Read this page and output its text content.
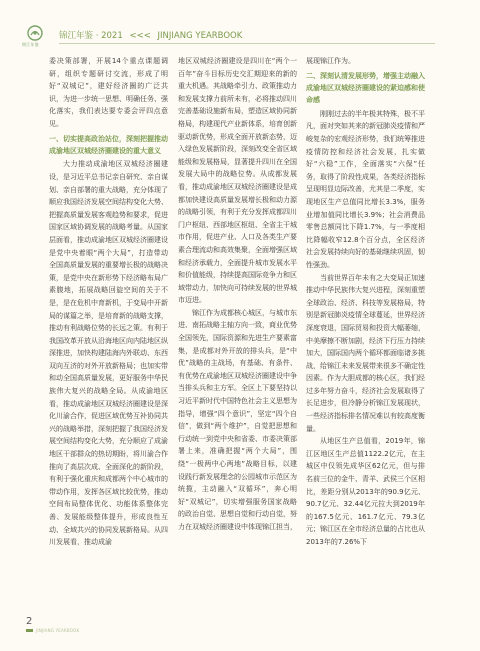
锦江年鉴
锦江年鉴 · 2021 <<< JINJIANG YEARBOOK

委决策部署，开展14个重点课题调研，组织专题研讨交流，形成了明好“双城记”，建好经济圈的广泛共识，为进一步统一思想、明确任务、强化落实，我们表达要专委会评四点意见。

一、切实提高政治站位，深刻把握推动成渝地区双城经济圈建设的重大意义

大力推动成渝地区双城经济圈建设，是习近平总书记亲自研究、亲自谋划、亲自部署的重大战略，充分体现了顺应我国经济发展空间结构变化大势、把握高质量发展客观趋势和要求，促进国家区域协调发展的战略考量。从国家层面看，推动成渝地区双城经济圈建设是党中央着眼“两个大局”，打造带动全国高质量发展的重要增长极的战略决策，是党中央在新形势下经济略布局广素腹地，拓展战略回旋空间的关于不是，是在危机中育新机，于变局中开新局的谋篇之举，是培育新的战略支撑，推动有利战略位势的长远之策。有利于我国改革开放从沿海地区向内陆地区纵深推进，加快构建陆海内外联动、东西双向互济的对外开放新格局；也加实带和动全国高质量发展，更好服务中华民族伟大复兴的战略全局。从成渝地区看，推动成渝地区双城经济圈建设是深化川渝合作，促进区域优势互补协同共兴的战略举措，深刻把握了我国经济发展空间结构变化大势，充分顺应了成渝地区干部群众的热切期盼，将川渝合作推向了高层次成、全面深化的新阶段，有利于强化重庆和成都两个中心城市的带动作用，发挥各区域比较优势，推动空间布局整体优化、功能体系整体完善、发展能级整体提升，形成良性互动、全域共兴的协同发展新格局。从四川发展看，推动成渝

地区双城经济圈建设是四川在“两个一百年”奋斗目标历史交汇期迎来的新的重大机遇。其战略牵引力、政策推动力和发展支撑力前所未有，必将推动四川完善基础设施新布局，塑造区域协同新格局，构建现代产业新体系，培育创新驱动新优势，形成全面开放新态势，迈入绿色发展新阶段，深刻改变全省区域能级和发展格局，显著提升四川在全国发展大局中的战略位势。从成都发展看，推动成渝地区双城经济圈建设是成都加快建设高质量发展增长极和动力源的战略引领，有利于充分发挥成都四川门户枢纽、西部地区枢纽、全省主干城市作用，促进产业、人口及各类生产要素合理流动和高效集聚，全面增强区域和经济承载力，全面提升城市发展水平和价值能级，持续提高国际竞争力和区域带动力，加快向可持续发展的世界城市迈进。

锦江作为成都核心城区，与城市东进、南拓战略主轴方向一致，商业优势全国领先，国际资源和先进生产要素富集，是成都对外开放的排头兵，是“中优”战略的主战场，有基础、有条件、有优势在成渝地区双城经济圈建设中争当排头兵和主方军。全区上下要坚持以习近平新时代中国特色社会主义思想为指导，增强“四个意识”，坚定“四个自信”，做到“两个维护”，自觉把思想和行动统一到党中央和省委、市委决策部署上来，准确把握“两个大局”，围绕“一极两中心两地”战略目标，以建设践行新发展理念的公园城市示范区为统揽，主动融入“双循环”，奔心明好“双城记”，切实增强服务国家战略的政治自觉、思想自觉和行动自觉，努力在双城经济圈建设中体现锦江担当，

展现锦江作为。

二、深刻认清发展形势，增强主动融入成渝地区双城经济圈建设的紧迫感和使命感

刚刚过去的半年极其特殊，极不平凡，面对突如其来的新冠肺炎疫情和严峻复杂的宏观经济形势，我们统筹推进疫情防控和经济社会发展，扎实做好“六稳”工作，全面落实“六保”任务，取得了阶段性成果，各类经济指标呈现明显边际改善，尤其是二季度，实现地区生产总值同比增长3.3%，服务业增加值同比增长3.9%；社会消费品零售总额同比下降1.7%，与一季度相比降幅收窄12.8个百分点，全区经济社会发展持续向好的基础继续巩固，韧性强劲。

当前世界百年未有之大变局正加速推动中华民族伟大复兴进程，深刻重塑全球政治、经济、科技等发展格局，特别是新冠肺炎疫情全球蔓延，世界经济深度衰退，国际贸易和投资大幅萎缩，中美摩擦不断加剧，经济下行压力持续加大，国际国内两个循环都面临诸多挑战，给锦江未来发展带来很多不确定性因素。作为大胆成都的核心区，我们经过多年努力奋斗，经济社会发展取得了长足进步，但冷静分析锦江发展现状，一些经济指标排名情况难以有较高度衡量。

从地区生产总值看，2019年，锦江区地区生产总值1122.2亿元，在主城区中仅领先成华区62亿元，但与排名前三位的金牛、青羊、武侯三个区相比，差距分别从2013年的90.9亿元、90.7亿元、32.44亿元拉大到2019年的167.5亿元、161.7亿元、79.3亿元；锦江区在全市经济总量的占比也从2013年的7.26%下

2
JINJIANG YEARBOOK
